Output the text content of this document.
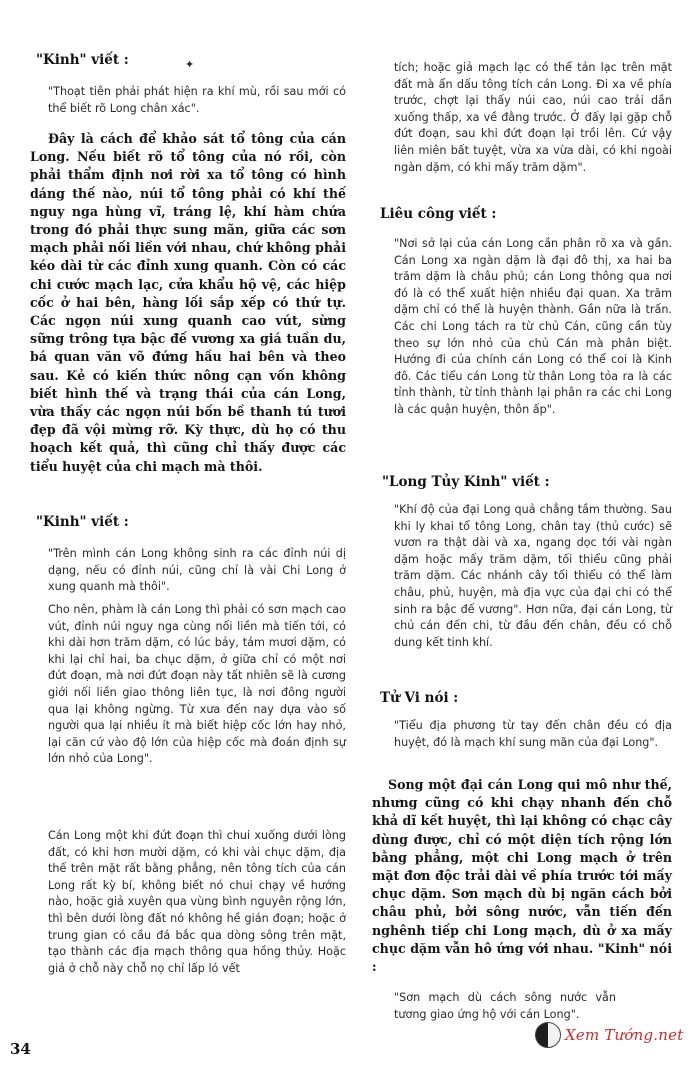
✦

"Kinh" viết :

"Thoạt tiên phải phát hiện ra khí mù, rồi sau mới có thể biết rõ Long chân xác".

Đây là cách để khảo sát tổ tông của cán Long. Nếu biết rõ tổ tông của nó rồi, còn phải thẩm định nơi rời xa tổ tông có hình dáng thế nào, núi tổ tông phải có khí thế nguy nga hùng vĩ, tráng lệ, khí hàm chứa trong đó phải thực sung mãn, giữa các sơn mạch phải nối liền với nhau, chứ không phải kéo dài từ các đỉnh xung quanh. Còn có các chi cước mạch lạc, cửa khẩu hộ vệ, các hiệp cốc ở hai bên, hàng lối sắp xếp có thứ tự. Các ngọn núi xung quanh cao vút, sừng sững trông tựa bậc đế vương xa giá tuần du, bá quan văn võ đứng hầu hai bên và theo sau. Kẻ có kiến thức nông cạn vốn không biết hình thế và trạng thái của cán Long, vừa thấy các ngọn núi bốn bề thanh tú tươi đẹp đã vội mừng rỡ. Kỳ thực, dù họ có thu hoạch kết quả, thì cũng chỉ thấy được các tiểu huyệt của chi mạch mà thôi.

"Kinh" viết :

"Trên mình cán Long không sinh ra các đỉnh núi dị dạng, nếu có đỉnh núi, cũng chỉ là vài Chi Long ở xung quanh mà thôi".

Cho nên, phàm là cán Long thì phải có sơn mạch cao vút, đỉnh núi nguy nga cùng nối liền mà tiến tới, có khi dài hơn trăm dặm, có lúc bảy, tám mươi dặm, có khi lại chỉ hai, ba chục dặm, ở giữa chỉ có một nơi đứt đoạn, mà nơi đứt đoạn này tất nhiên sẽ là cương giới nối liền giao thông liên tục, là nơi đông người qua lại không ngừng. Từ xưa đến nay dựa vào số người qua lại nhiều ít mà biết hiệp cốc lớn hay nhỏ, lại căn cứ vào độ lớn của hiệp cốc mà đoán định sự lớn nhỏ của Long".

Cán Long một khi đứt đoạn thì chui xuống dưới lòng đất, có khi hơn mười dặm, có khi vài chục dặm, địa thế trên mặt rất bằng phẳng, nên tông tích của cán Long rất kỳ bí, không biết nó chui chạy về hướng nào, hoặc giả xuyên qua vùng bình nguyên rộng lớn, thì bên dưới lòng đất nó không hề gián đoạn; hoặc ở trung gian có cầu đá bắc qua dòng sông trên mặt, tạo thành các địa mạch thông qua hồng thủy. Hoặc giả ở chỗ này chỗ nọ chỉ lấp ló vết

tích; hoặc giả mạch lạc có thể tản lạc trên mặt đất mà ẩn dấu tông tích cán Long. Đi xa về phía trước, chợt lại thấy núi cao, núi cao trải dần xuống thấp, xa về đằng trước. Ở đấy lại gặp chỗ đứt đoạn, sau khi đứt đoạn lại trồi lên. Cứ vậy liên miên bất tuyệt, vừa xa vừa dài, có khi ngoài ngàn dặm, có khi mấy trăm dặm".

Liêu công viết :

"Nơi sở lại của cán Long cần phân rõ xa và gần. Cán Long xa ngàn dặm là đại đô thị, xa hai ba trăm dặm là châu phủ; cán Long thông qua nơi đó là có thể xuất hiện nhiều đại quan. Xa trăm dặm chỉ có thể là huyện thành. Gần nữa là trấn. Các chi Long tách ra từ chủ Cán, cũng cần tùy theo sự lớn nhỏ của chủ Cán mà phân biệt. Hướng đi của chính cán Long có thể coi là Kinh đô. Các tiểu cán Long từ thân Long tỏa ra là các tỉnh thành, từ tỉnh thành lại phân ra các chi Long là các quận huyện, thôn ấp".

"Long Tủy Kinh" viết :

"Khí độ của đại Long quả chẳng tầm thường. Sau khi ly khai tổ tông Long, chân tay (thủ cước) sẽ vươn ra thật dài và xa, ngang dọc tới vài ngàn dặm hoặc mấy trăm dặm, tối thiểu cũng phải trăm dặm. Các nhánh cây tối thiểu có thể làm châu, phủ, huyện, mà địa vực của đại chi có thể sinh ra bậc đế vương". Hơn nữa, đại cán Long, từ chủ cán đến chi, từ đầu đến chân, đều có chỗ dung kết tinh khí.

Tử Vi nói :

"Tiểu địa phương từ tay đến chân đều có địa huyệt, đó là mạch khí sung mãn của đại Long".

Song một đại cán Long qui mô như thế, nhưng cũng có khi chạy nhanh đến chỗ khả dĩ kết huyệt, thì lại không có chạc cây dùng được, chỉ có một diện tích rộng lớn bằng phẳng, một chi Long mạch ở trên mặt đơn độc trải dài về phía trước tới mấy chục dặm. Sơn mạch dù bị ngăn cách bởi châu phủ, bởi sông nước, vẫn tiến đến nghênh tiếp chi Long mạch, dù ở xa mấy chục dặm vẫn hô ứng với nhau. "Kinh" nói :

"Sơn mạch dù cách sông nước vẫn tương giao ứng hộ với cán Long".

34

Xem Tướng.net
